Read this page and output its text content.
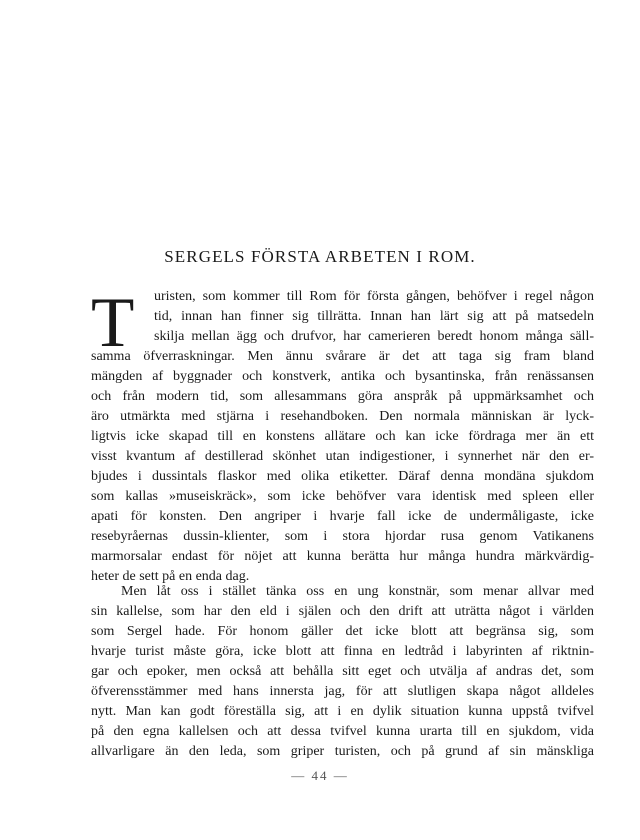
SERGELS FÖRSTA ARBETEN I ROM.
T uristen, som kommer till Rom för första gången, behöfver i regel någon
tid, innan han finner sig tillrätta. Innan han lärt sig att på matsedeln
skilja mellan ägg och drufvor, har camerieren beredt honom många säll-
samma öfverraskningar. Men ännu svårare är det att taga sig fram bland
mängden af byggnader och konstverk, antika och bysantinska, från renässansen
och från modern tid, som allesammans göra anspråk på uppmärksamhet och
äro utmärkta med stjärna i resehandboken. Den normala människan är lyck-
ligtvis icke skapad till en konstens allätare och kan icke fördraga mer än ett
visst kvantum af destillerad skönhet utan indigestioner, i synnerhet när den er-
bjudes i dussintals flaskor med olika etiketter. Däraf denna mondäna sjukdom
som kallas »museiskräck», som icke behöfver vara identisk med spleen eller
apati för konsten. Den angriper i hvarje fall icke de undermåligaste, icke
resebyråernas dussin-klienter, som i stora hjordar rusa genom Vatikanens
marmorsalar endast för nöjet att kunna berätta hur många hundra märkvärdig-
heter de sett på en enda dag.
Men låt oss i stället tänka oss en ung konstnär, som menar allvar med
sin kallelse, som har den eld i själen och den drift att uträtta något i världen
som Sergel hade. För honom gäller det icke blott att begränsa sig, som
hvarje turist måste göra, icke blott att finna en ledtråd i labyrinten af riktnin-
gar och epoker, men också att behålla sitt eget och utvälja af andras det, som
öfverensstämmer med hans innersta jag, för att slutligen skapa något alldeles
nytt. Man kan godt föreställa sig, att i en dylik situation kunna uppstå tvifvel
på den egna kallelsen och att dessa tvifvel kunna urarta till en sjukdom, vida
allvarligare än den leda, som griper turisten, och på grund af sin mänskliga
— 44 —
